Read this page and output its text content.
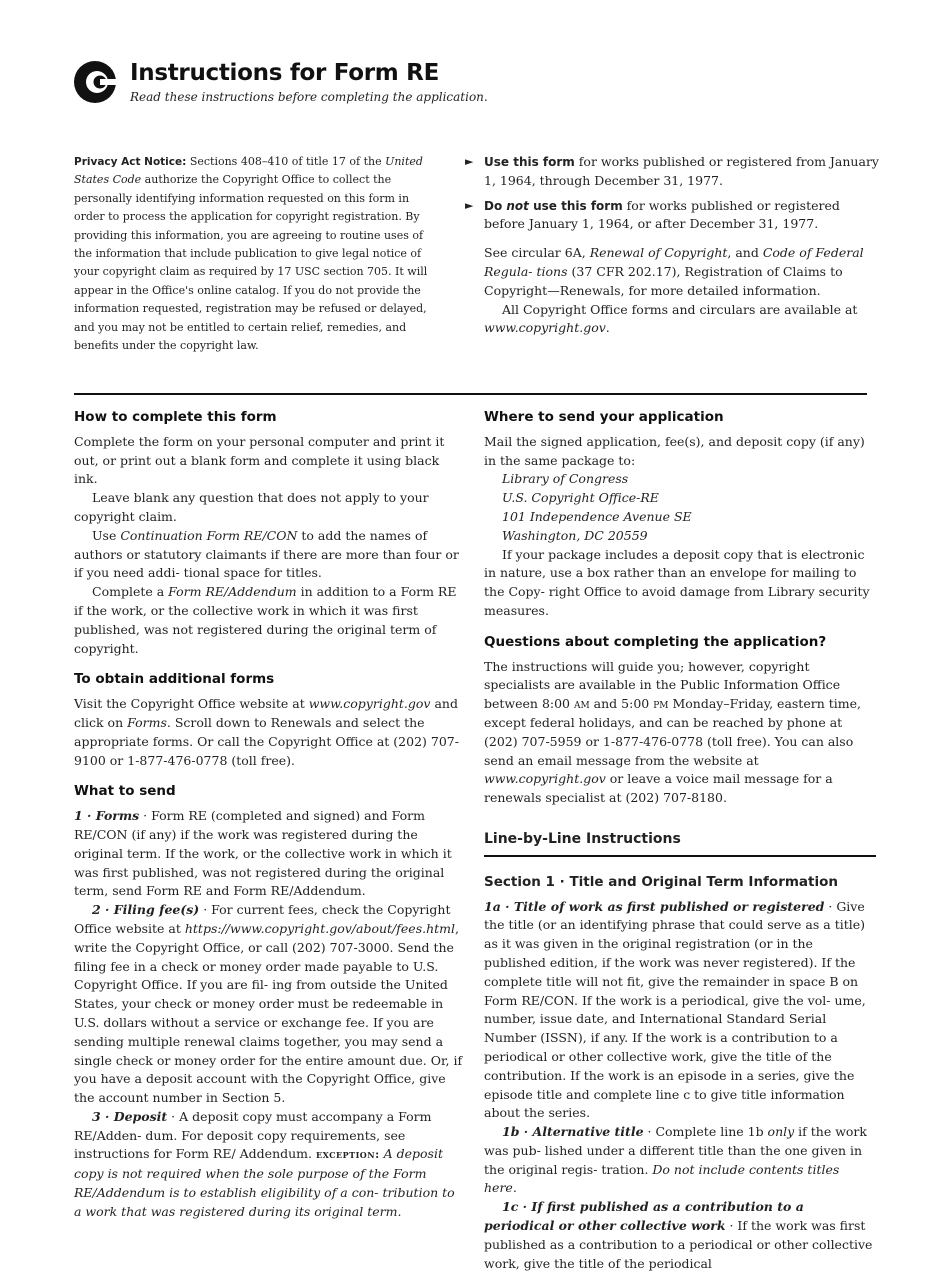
Instructions for Form RE
Read these instructions before completing the application.
Privacy Act Notice: Sections 408–410 of title 17 of the United States Code authorize the Copyright Office to collect the personally identifying information requested on this form in order to process the application for copyright registration. By providing this information, you are agreeing to routine uses of the information that include publication to give legal notice of your copyright claim as required by 17 USC section 705. It will appear in the Office's online catalog. If you do not provide the information requested, registration may be refused or delayed, and you may not be entitled to certain relief, remedies, and benefits under the copyright law.
► Use this form for works published or registered from January 1, 1964, through December 31, 1977.
► Do not use this form for works published or registered before January 1, 1964, or after December 31, 1977.
See circular 6A, Renewal of Copyright, and Code of Federal Regula- tions (37 CFR 202.17), Registration of Claims to Copyright—Renewals, for more detailed information.
All Copyright Office forms and circulars are available at www.copyright.gov.
How to complete this form

Complete the form on your personal computer and print it out, or print out a blank form and complete it using black ink.

Leave blank any question that does not apply to your copyright claim.

Use Continuation Form RE/CON to add the names of authors or statutory claimants if there are more than four or if you need addi- tional space for titles.

Complete a Form RE/Addendum in addition to a Form RE if the work, or the collective work in which it was first published, was not registered during the original term of copyright.

To obtain additional forms

Visit the Copyright Office website at www.copyright.gov and click on Forms. Scroll down to Renewals and select the appropriate forms. Or call the Copyright Office at (202) 707-9100 or 1-877-476-0778 (toll free).

What to send

1 · Forms · Form RE (completed and signed) and Form RE/CON (if any) if the work was registered during the original term. If the work, or the collective work in which it was first published, was not registered during the original term, send Form RE and Form RE/Addendum.

2 · Filing fee(s) · For current fees, check the Copyright Office website at https://www.copyright.gov/about/fees.html, write the Copyright Office, or call (202) 707-3000. Send the filing fee in a check or money order made payable to U.S. Copyright Office. If you are fil- ing from outside the United States, your check or money order must be redeemable in U.S. dollars without a service or exchange fee. If you are sending multiple renewal claims together, you may send a single check or money order for the entire amount due. Or, if you have a deposit account with the Copyright Office, give the account number in Section 5.

3 · Deposit · A deposit copy must accompany a Form RE/Adden- dum. For deposit copy requirements, see instructions for Form RE/ Addendum. exception: A deposit copy is not required when the sole purpose of the Form RE/Addendum is to establish eligibility of a con- tribution to a work that was registered during its original term.

Where to send your application

Mail the signed application, fee(s), and deposit copy (if any) in the same package to:

Library of Congress
U.S. Copyright Office-RE
101 Independence Avenue SE
Washington, DC 20559

If your package includes a deposit copy that is electronic in nature, use a box rather than an envelope for mailing to the Copy- right Office to avoid damage from Library security measures.

Questions about completing the application?

The instructions will guide you; however, copyright specialists are available in the Public Information Office between 8:00 am and 5:00 pm Monday–Friday, eastern time, except federal holidays, and can be reached by phone at (202) 707-5959 or 1-877-476-0778 (toll free). You can also send an email message from the website at www.copyright.gov or leave a voice mail message for a renewals specialist at (202) 707-8180.

Line-by-Line Instructions
Section 1 · Title and Original Term Information

1a · Title of work as first published or registered · Give the title (or an identifying phrase that could serve as a title) as it was given in the original registration (or in the published edition, if the work was never registered). If the complete title will not fit, give the remainder in space B on Form RE/CON. If the work is a periodical, give the vol- ume, number, issue date, and International Standard Serial Number (ISSN), if any. If the work is a contribution to a periodical or other collective work, give the title of the contribution. If the work is an episode in a series, give the episode title and complete line c to give title information about the series.

1b · Alternative title · Complete line 1b only if the work was pub- lished under a different title than the one given in the original regis- tration. Do not include contents titles here.

1c · If first published as a contribution to a periodical or other collective work · If the work was first published as a contribution to a periodical or other collective work, give the title of the periodical
